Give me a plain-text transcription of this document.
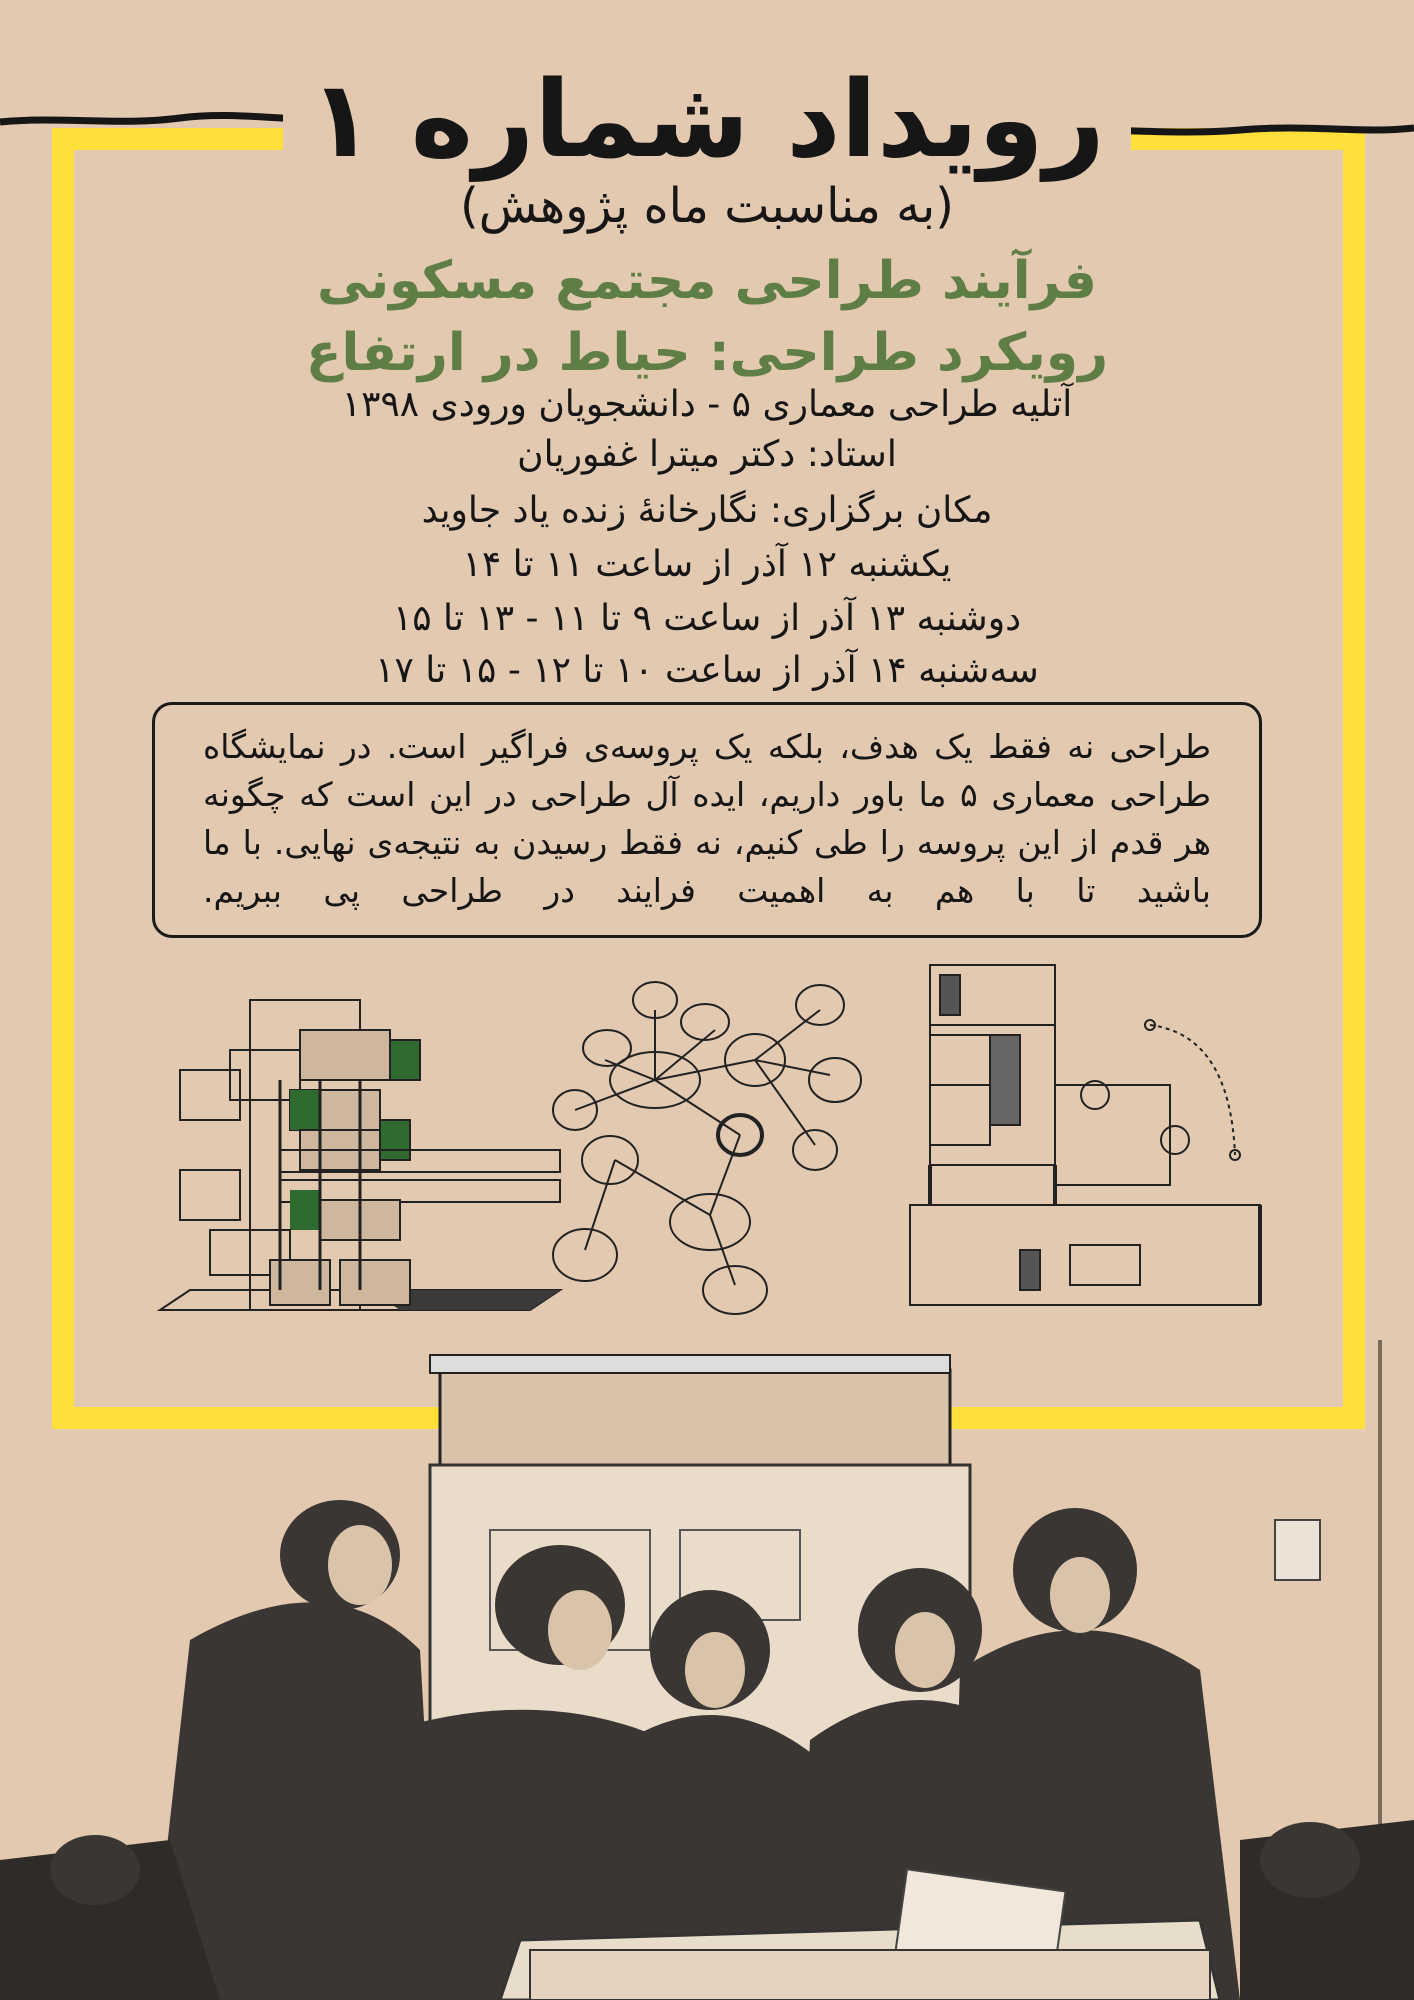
رویداد شماره ۱
(به مناسبت ماه پژوهش)
فرآیند طراحی مجتمع مسکونی
رویکرد طراحی: حیاط در ارتفاع
آتلیه طراحی معماری ۵ - دانشجویان ورودی ۱۳۹۸
استاد: دکتر میترا غفوریان
مکان برگزاری: نگارخانهٔ زنده یاد جاوید
یکشنبه ۱۲ آذر از ساعت ۱۱ تا ۱۴
دوشنبه ۱۳ آذر از ساعت ۹ تا ۱۱ - ۱۳ تا ۱۵
سه‌شنبه ۱۴ آذر از ساعت ۱۰ تا ۱۲ - ۱۵ تا ۱۷
طراحی نه فقط یک هدف، بلکه یک پروسه‌ی فراگیر است. در نمایشگاه طراحی معماری ۵ ما باور داریم، ایده آل طراحی در این است که چگونه هر قدم از این پروسه را طی کنیم، نه فقط رسیدن به نتیجه‌ی نهایی. با ما باشید تا با هم به اهمیت فرایند در طراحی پی ببریم.
